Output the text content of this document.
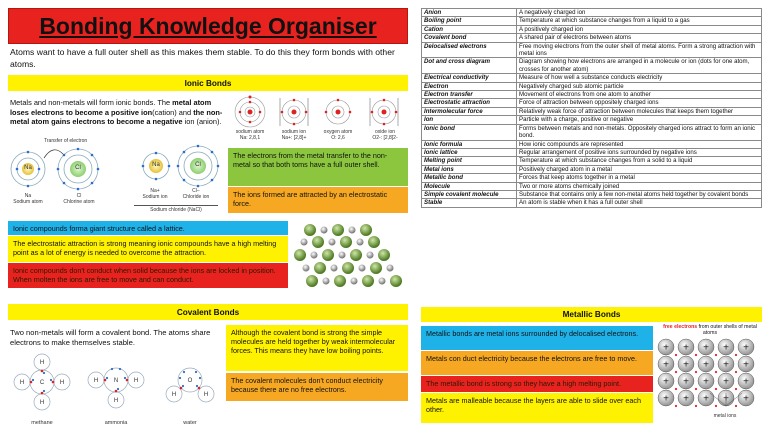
Bonding Knowledge Organiser
Atoms want to have a full outer shell as this makes them stable. To do this they form bonds with other atoms.
Ionic Bonds
Metals and non-metals will form ionic bonds. The metal atom loses electrons to become a positive ion(cation) and the non-metal atom gains electrons to become a negative ion (anion).
Transfer of electron
Na	Cl	Na	Cl
Na
Sodium atom
Cl
Chlorine atom
Na+
Sodium ion
Cl−
Chloride ion
Sodium chloride (NaCl)
sodium atom
Na: 2,8,1
sodium ion
Na+: [2,8]+
oxygen atom
O: 2,6
oxide ion
O2-: [2,8]2-
The electrons from the metal transfer to the non-metal so that both toms have a full outer shell.
The ions formed are attracted by an electrostatic force.
Ionic compounds forma giant structure called a lattice.
The electrostatic attraction is strong meaning ionic compounds have a high melting point as a lot of energy is needed to overcome the attraction.
Ionic compounds don't conduct when solid because the ions are locked in position. When molten the ions are free to move and can conduct.
Covalent Bonds
Two non-metals will form a covalent bond. The atoms share electrons to make themselves stable.
C
H
H
H	H	N
H	H
H
O
H	H
methane	ammonia	water
Although the covalent bond is strong the simple molecules are held together by weak intermolecular forces. This means they have low boiling points.
The covalent molecules don't conduct electricity because there are no free electrons.
Anion	A negatively charged ion
Boiling point	Temperature at which substance changes from a liquid to a gas
Cation	A positively charged ion
Covalent bond	A shared pair of electrons between atoms
Delocalised electrons	Free moving electrons from the outer shell of metal atoms. Form a strong attraction with metal ions
Dot and cross diagram	Diagram showing how electrons are arranged in a molecule or ion (dots for one atom, crosses for another atom)
Electrical conductivity	Measure of how well a substance conducts electricity
Electron	Negatively charged sub atomic particle
Electron transfer	Movement of electrons from one atom to another
Electrostatic attraction	Force of attraction between oppositely charged ions
Intermolecular force	Relatively weak force of attraction between molecules that keeps them together
Ion	Particle with a charge, positive or negative
Ionic bond	Forms between metals and non-metals. Oppositely charged ions attract to form an ionic bond.
Ionic formula	How ionic compounds are represented
Ionic lattice	Regular arrangement of positive ions surrounded by negative ions
Melting point	Temperature at which substance changes from a solid to a liquid
Metal ions	Positively charged atom in a metal
Metallic bond	Forces that keep atoms together in a metal
Molecule	Two or more atoms chemically joined
Simple covalent molecule	Substance that contains only a few non-metal atoms held together by covalent bonds
Stable	An atom is stable when it has a full outer shell
Metallic Bonds
Metallic bonds are metal ions surrounded by delocalised electrons.
Metals con duct electricity because the electrons are free to move.
The metallic bond is strong so they have a high melting point.
Metals are malleable because the layers are able to slide over each other.
free electrons from outer shells of metal atoms
+ + + + +
+ + + + +
+ + + + +
+ + + + +
metal ions
